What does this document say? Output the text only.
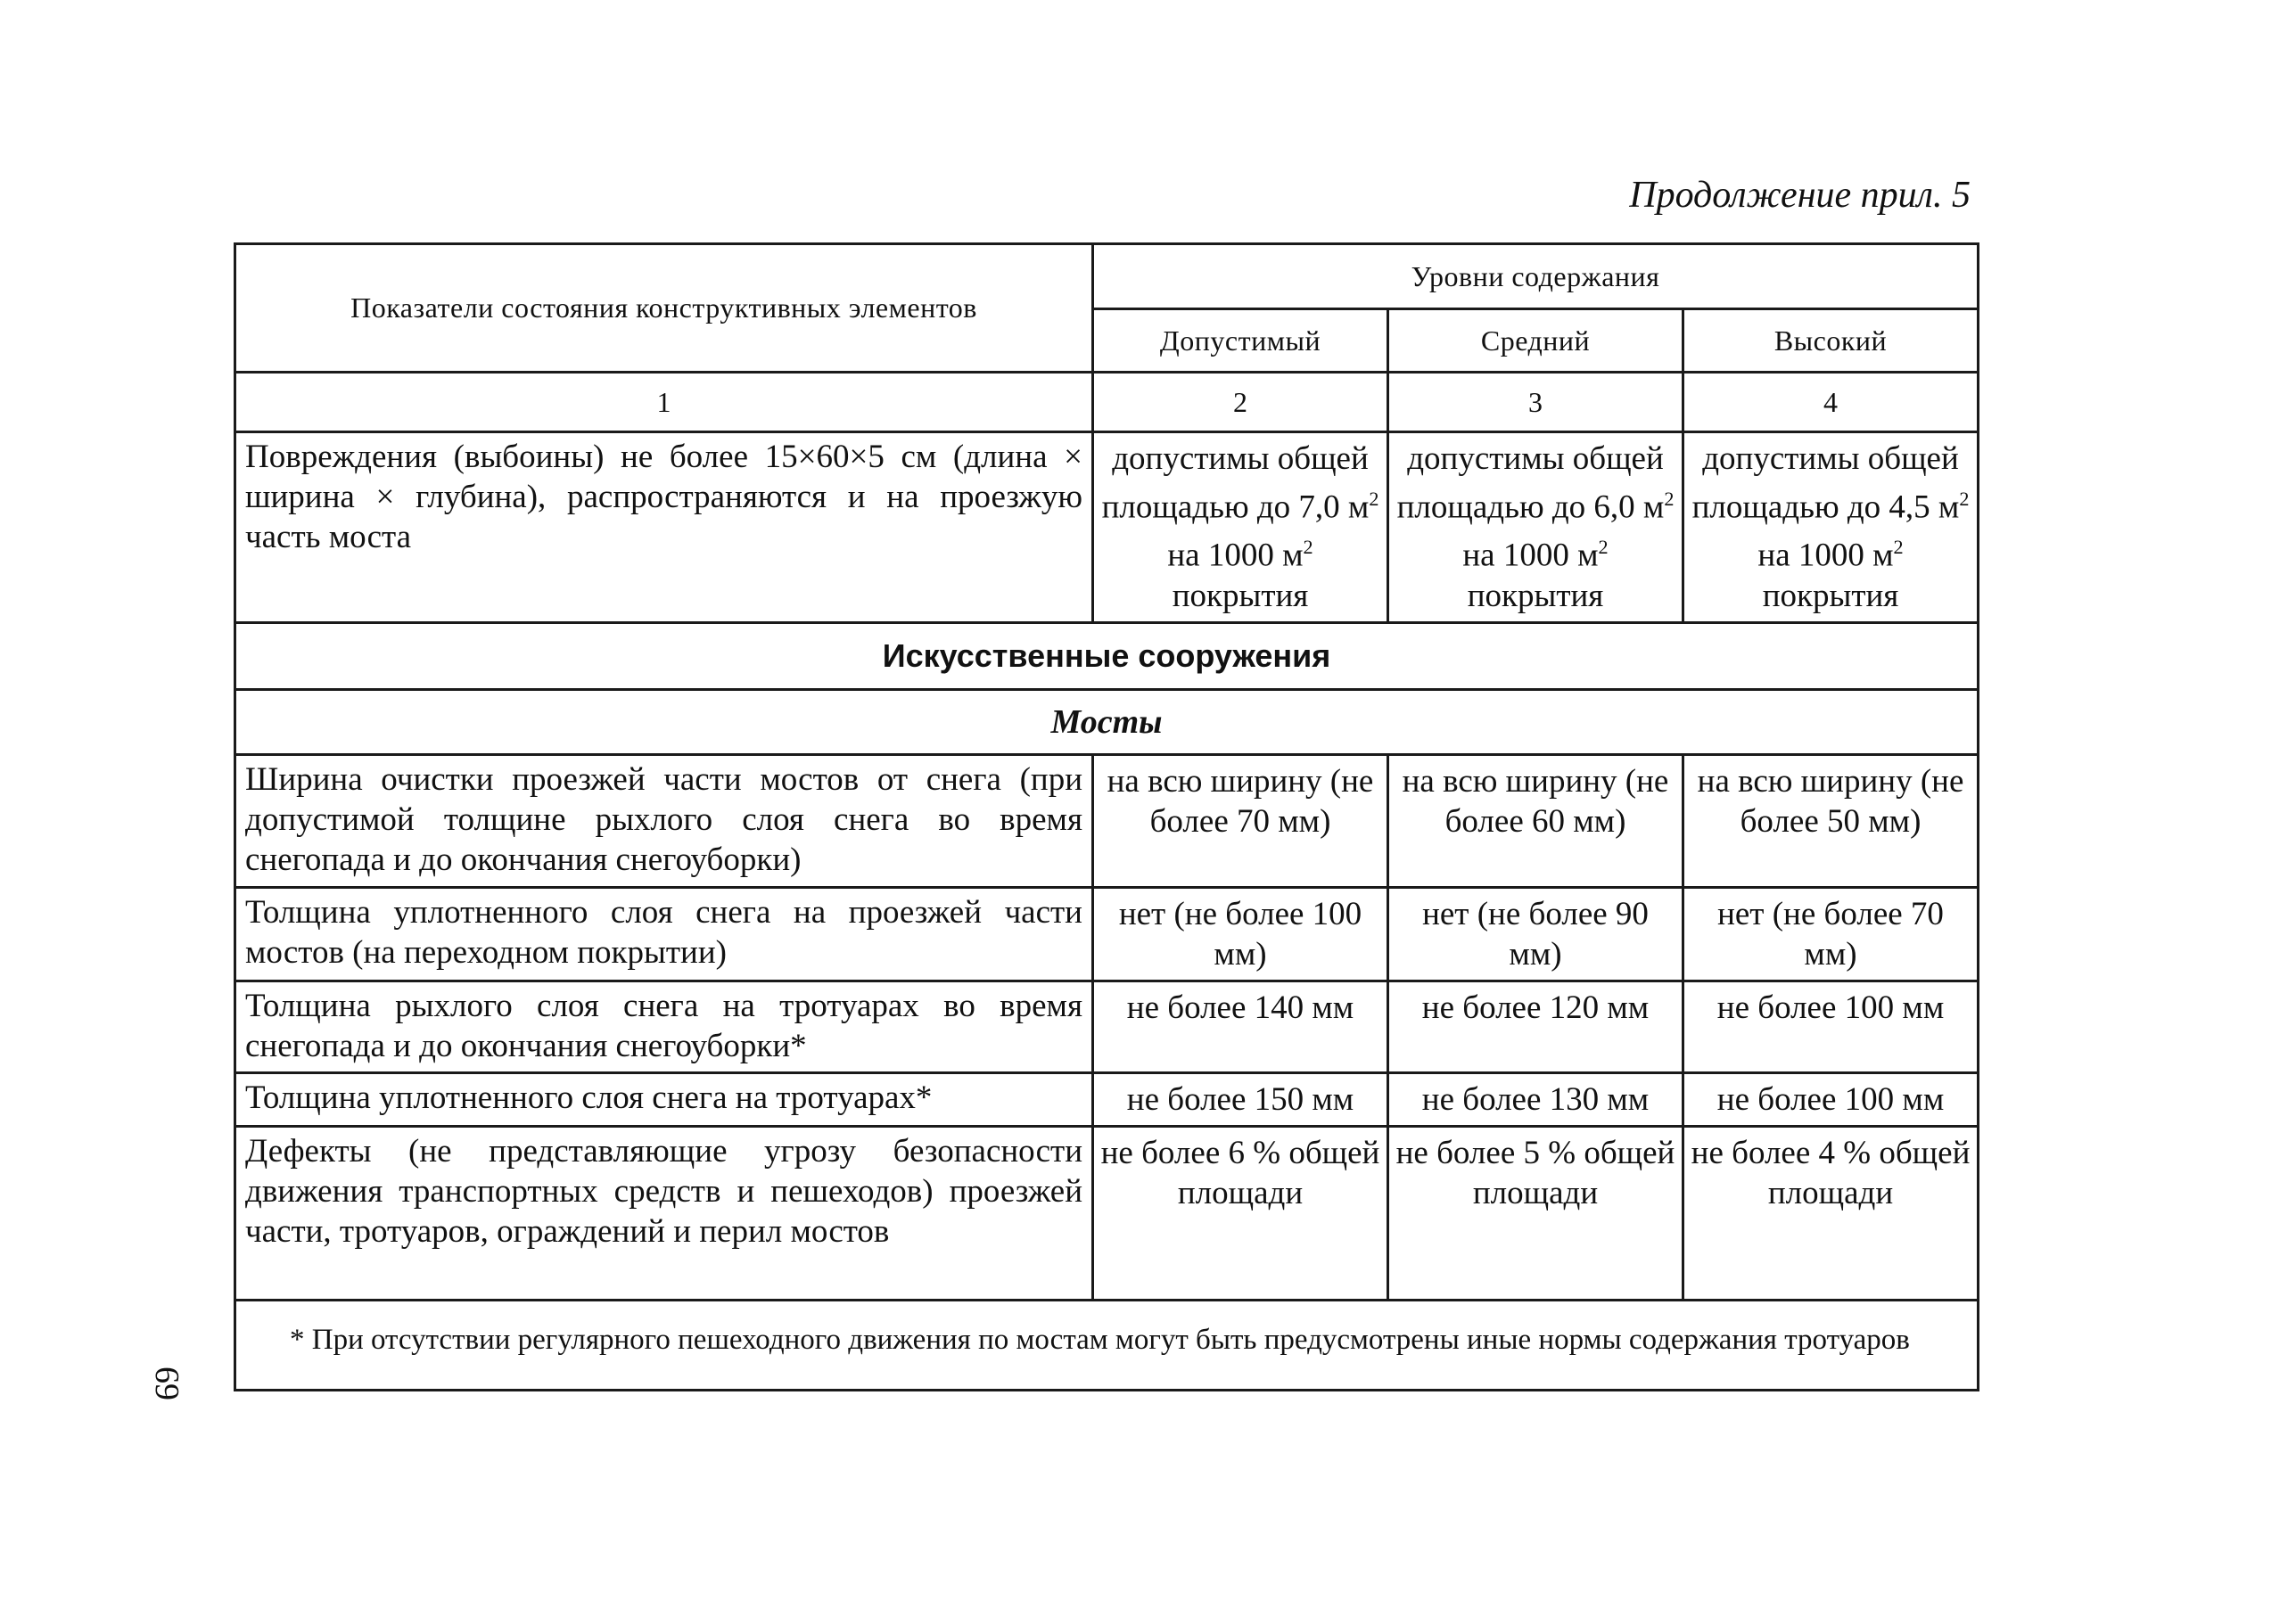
Продолжение прил. 5
69
Показатели состояния конструктивных элементов	Уровни содержания		
	Допустимый	Средний	Высокий
1	2	3	4
Повреждения (выбоины) не более 15×60×5 см (длина × ширина × глубина), распространяются и на проезжую часть моста	допустимы общей площадью до 7,0 $м^2$ на 1000 $м^2$ покрытия	допустимы общей площадью до 6,0 $м^2$ на 1000 $м^2$ покрытия	допустимы общей площадью до 4,5 $м^2$ на 1000 $м^2$ покрытия
Искусственные сооружения			
Мосты			
Ширина очистки проезжей части мостов от снега (при допустимой толщине рыхлого слоя снега во время снегопада и до окончания снегоуборки)	на всю ширину (не более 70 мм)	на всю ширину (не более 60 мм)	на всю ширину (не более 50 мм)
Толщина уплотненного слоя снега на проезжей части мостов (на переходном покрытии)	нет (не более 100 мм)	нет (не более 90 мм)	нет (не более 70 мм)
Толщина рыхлого слоя снега на тротуарах во время снегопада и до окончания снегоуборки*	не более 140 мм	не более 120 мм	не более 100 мм
Толщина уплотненного слоя снега на тротуарах*	не более 150 мм	не более 130 мм	не более 100 мм
Дефекты (не представляющие угрозу безопасности движения транспортных средств и пешеходов) проезжей части, тротуаров, ограждений и перил мостов	не более 6 % общей площади	не более 5 % общей площади	не более 4 % общей площади
* При отсутствии регулярного пешеходного движения по мостам могут быть предусмотрены иные нормы содержания тротуаров			
